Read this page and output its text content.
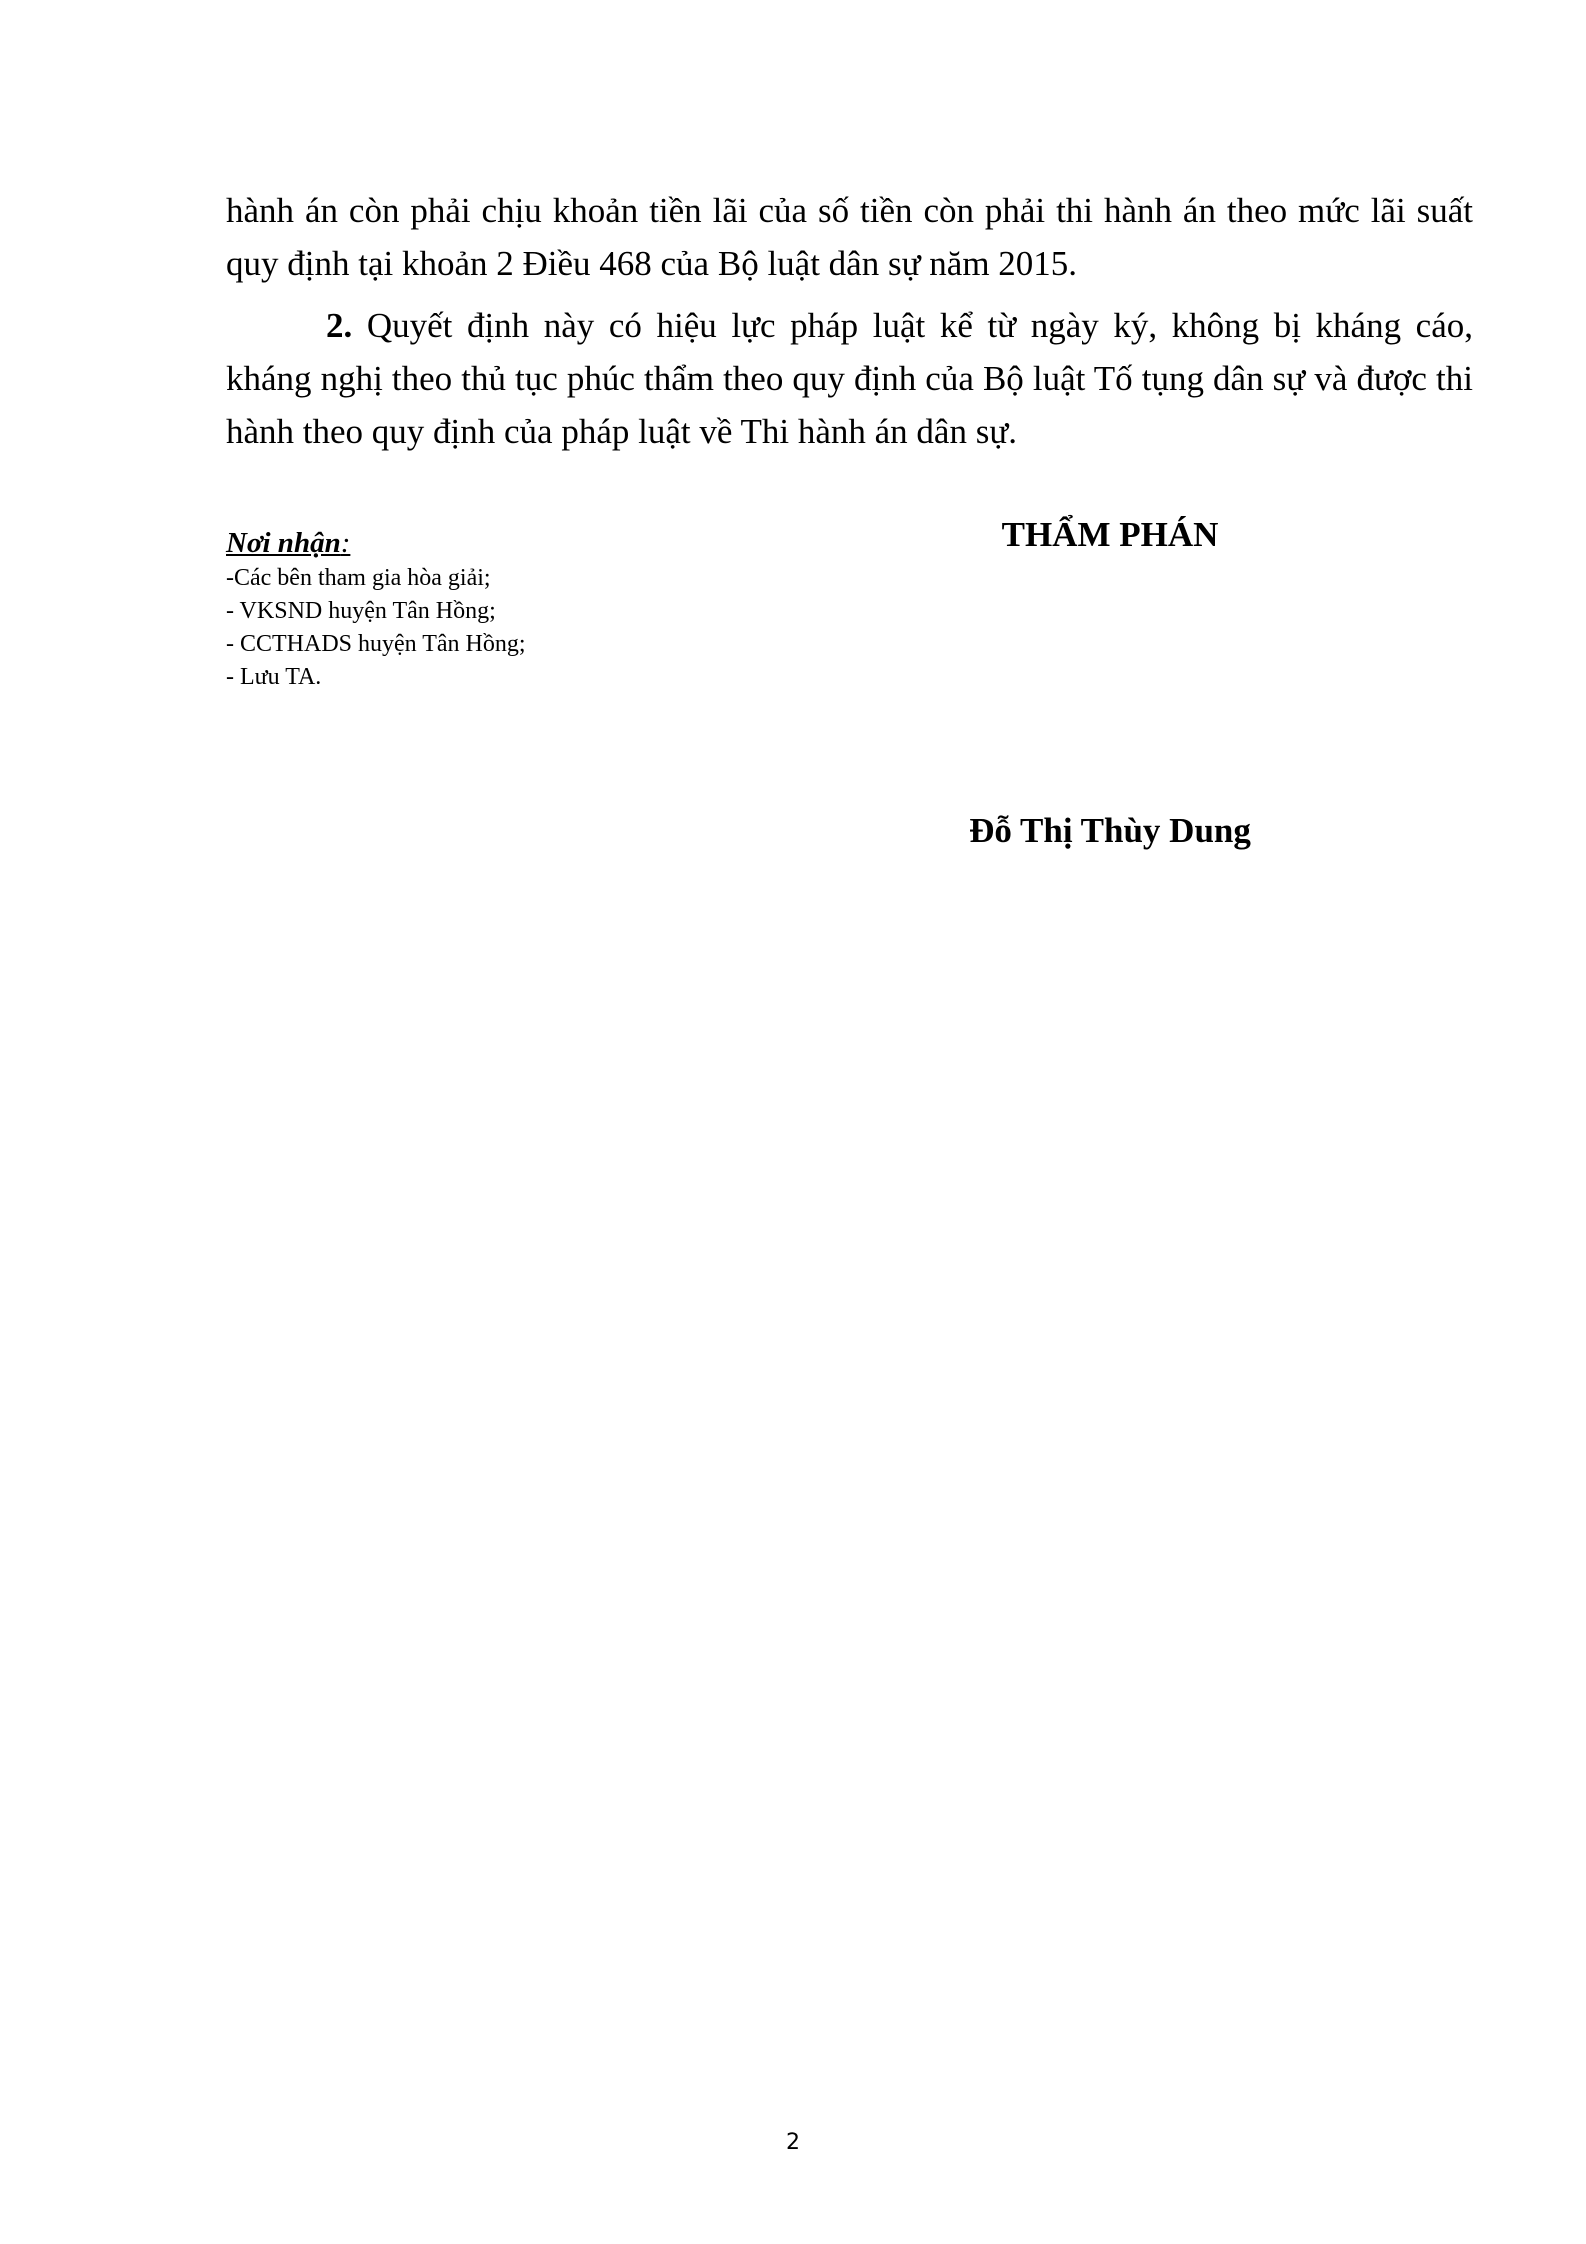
hành án còn phải chịu khoản tiền lãi của số tiền còn phải thi hành án theo mức lãi suất quy định tại khoản 2 Điều 468 của Bộ luật dân sự năm 2015.

2. Quyết định này có hiệu lực pháp luật kể từ ngày ký, không bị kháng cáo, kháng nghị theo thủ tục phúc thẩm theo quy định của Bộ luật Tố tụng dân sự và được thi hành theo quy định của pháp luật về Thi hành án dân sự.

Nơi nhận:

-Các bên tham gia hòa giải;
- VKSND huyện Tân Hồng;
- CCTHADS huyện Tân Hồng;
- Lưu TA.

THẨM PHÁN

Đỗ Thị Thùy Dung

2
